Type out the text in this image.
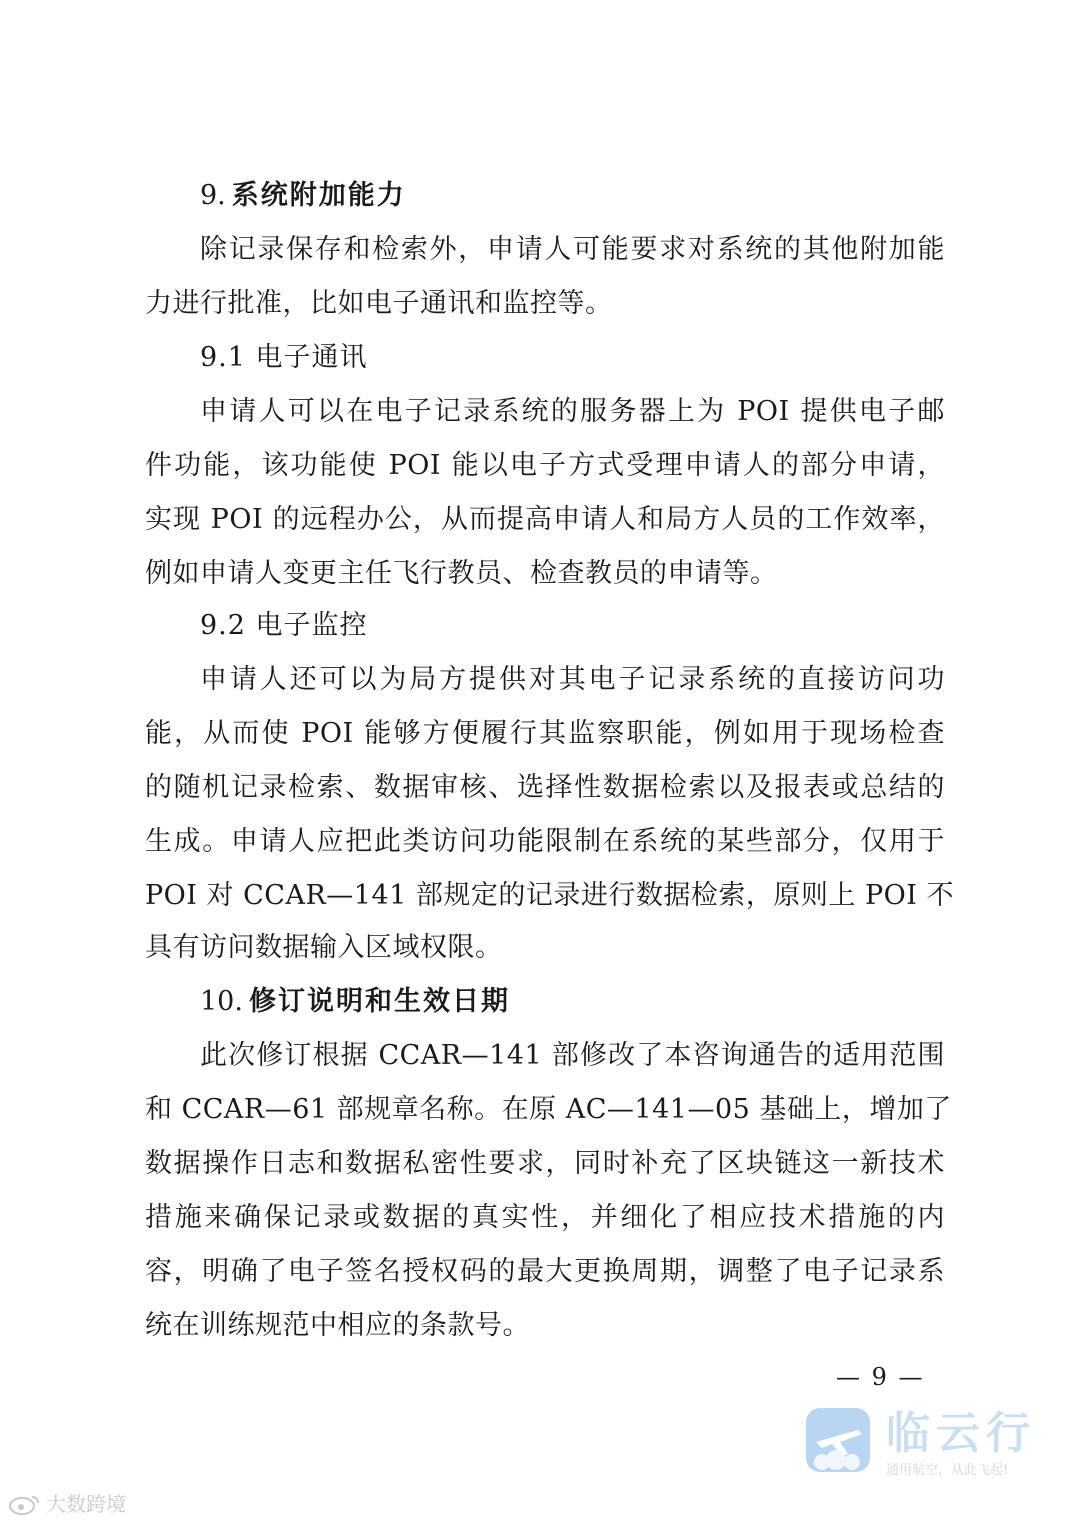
9. 系统附加能力
除记录保存和检索外，申请人可能要求对系统的其他附加能
力进行批准，比如电子通讯和监控等。
9.1 电子通讯
申请人可以在电子记录系统的服务器上为 POI 提供电子邮
件功能，该功能使 POI 能以电子方式受理申请人的部分申请，
实现 POI 的远程办公，从而提高申请人和局方人员的工作效率，
例如申请人变更主任飞行教员、检查教员的申请等。
9.2 电子监控
申请人还可以为局方提供对其电子记录系统的直接访问功
能，从而使 POI 能够方便履行其监察职能，例如用于现场检查
的随机记录检索、数据审核、选择性数据检索以及报表或总结的
生成。申请人应把此类访问功能限制在系统的某些部分，仅用于
POI 对 CCAR—141 部规定的记录进行数据检索，原则上 POI 不
具有访问数据输入区域权限。
10. 修订说明和生效日期
此次修订根据 CCAR—141 部修改了本咨询通告的适用范围
和 CCAR—61 部规章名称。在原 AC—141—05 基础上，增加了
数据操作日志和数据私密性要求，同时补充了区块链这一新技术
措施来确保记录或数据的真实性，并细化了相应技术措施的内
容，明确了电子签名授权码的最大更换周期，调整了电子记录系
统在训练规范中相应的条款号。
— 9 —
临云行
通用航空，从此飞起!
大数跨境
